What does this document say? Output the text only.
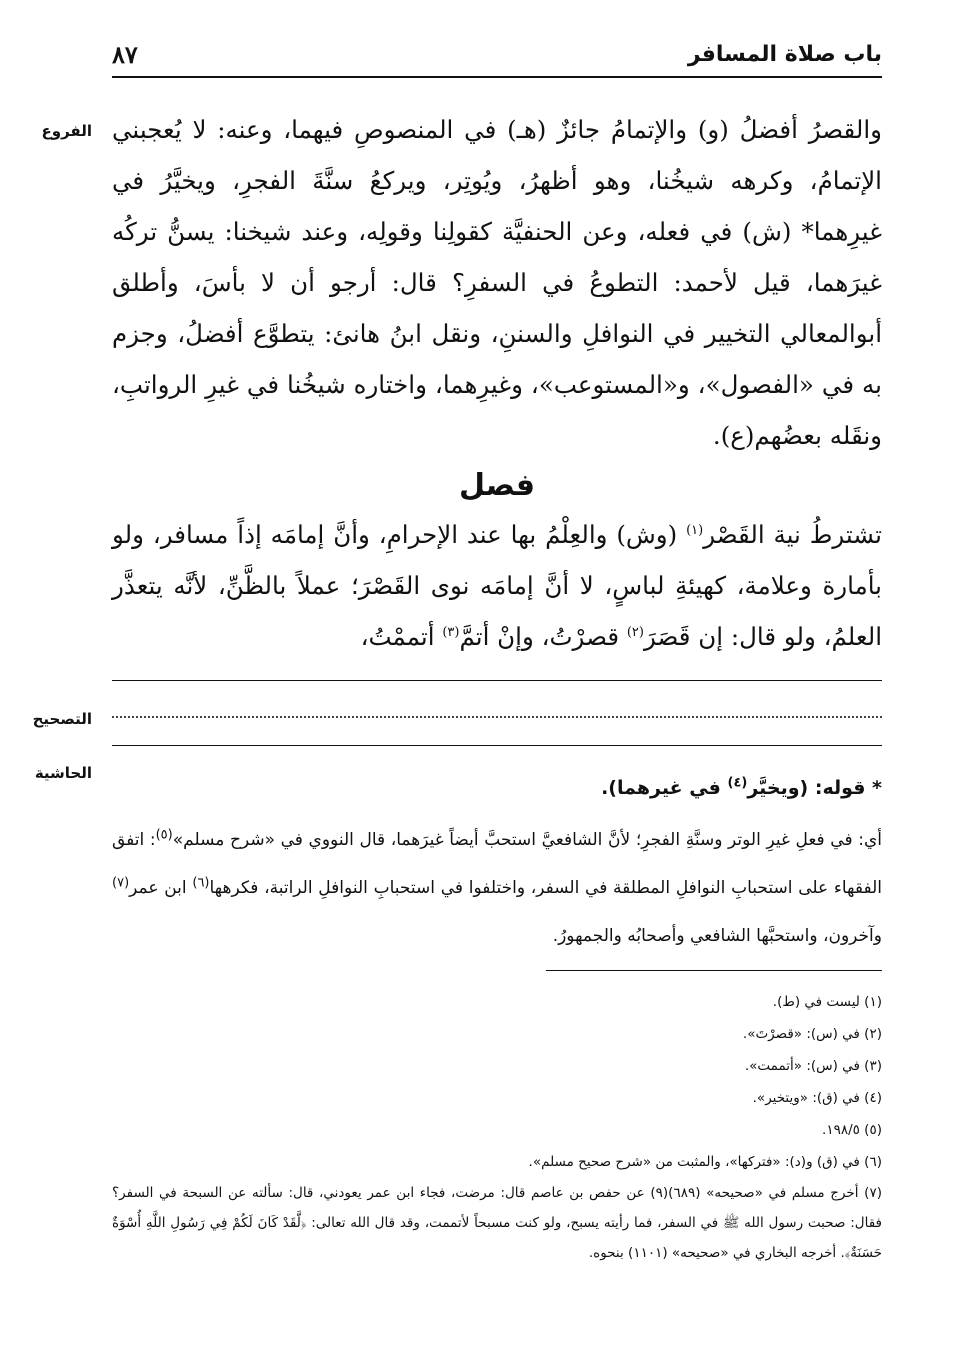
باب صلاة المسافر
٨٧
الفروع والقصرُ أفضلُ (و) والإتمامُ جائزٌ (هـ) في المنصوصِ فيهما، وعنه: لا يُعجبني الإتمامُ، وكرهه شيخُنا، وهو أظهرُ، ويُوتِر، ويركعُ سنَّةَ الفجرِ، ويخيَّرُ في غيرِهما* (ش) في فعله، وعن الحنفيَّة كقولِنا وقولِه، وعند شيخنا: يسنُّ تركُه غيرَهما، قيل لأحمد: التطوعُ في السفرِ؟ قال: أرجو أن لا بأسَ، وأطلق أبوالمعالي التخيير في النوافلِ والسننِ، ونقل ابنُ هانئ: يتطوَّع أفضلُ، وجزم به في «الفصول»، و«المستوعب»، وغيرِهما، واختاره شيخُنا في غيرِ الرواتبِ، ونقَله بعضُهم(ع).

فصل

تشترطُ نية القَصْر$^{(١)}$ (وش) والعِلْمُ بها عند الإحرامِ، وأنَّ إمامَه إذاً مسافر، ولو بأمارة وعلامة، كهيئةِ لباسٍ، لا أنَّ إمامَه نوى القَصْرَ؛ عملاً بالظَّنِّ، لأنَّه يتعذَّر العلمُ، ولو قال: إن قَصَرَ$^{(٢)}$ قصرْتُ، وإنْ أتمَّ$^{(٣)}$ أتممْتُ،

التصحيح
الحاشية

* قوله: (ويخيَّر$^{(٤)}$ في غيرهما).

أي: في فعلِ غيرِ الوتر وسنَّةِ الفجرِ؛ لأنَّ الشافعيَّ استحبَّ أيضاً غيرَهما، قال النووي في «شرح مسلم»$^{(٥)}$: اتفق الفقهاء على استحبابِ النوافلِ المطلقة في السفر، واختلفوا في استحبابِ النوافلِ الراتبة، فكرهها$^{(٦)}$ ابن عمر$^{(٧)}$ وآخرون، واستحبَّها الشافعي وأصحابُه والجمهورُ.

(١) ليست في (ط).

(٢) في (س): «قصرْتَ».

(٣) في (س): «أتممت».

(٤) في (ق): «ويتخير».

(٥) ١٩٨/٥.

(٦) في (ق) و(د): «فتركها»، والمثبت من «شرح صحيح مسلم».

(٧) أخرج مسلم في «صحيحه» (٦٨٩)(٩) عن حفص بن عاصم قال: مرضت، فجاء ابن عمر يعودني، قال: سألته عن السبحة في السفر؟ فقال: صحبت رسول الله ﷺ في السفر، فما رأيته يسبح، ولو كنت مسبحاً لأتممت، وقد قال الله تعالى: ﴿لَّقَدْ كَانَ لَكُمْ فِي رَسُولِ اللَّهِ أُسْوَةٌ حَسَنَةٌ﴾. أخرجه البخاري في «صحيحه» (١١٠١) بنحوه.
